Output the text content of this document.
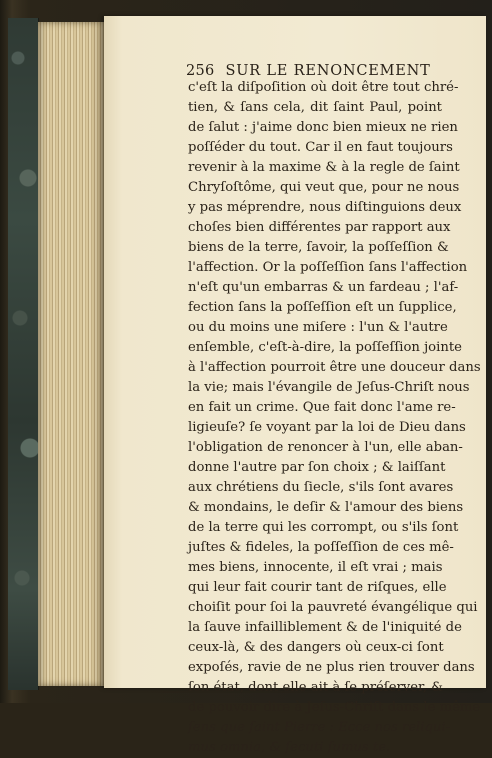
256 SUR LE RENONCEMENT
c'eſt la diſpoſition où doit être tout chré-
tien, & ſans cela, dit ſaint Paul, point
de ſalut : j'aime donc bien mieux ne rien
poſſéder du tout. Car il en faut toujours
revenir à la maxime & à la regle de ſaint
Chryſoſtôme, qui veut que, pour ne nous
y pas méprendre, nous diſtinguions deux
choſes bien différentes par rapport aux
biens de la terre, ſavoir, la poſſeſſion &
l'affection. Or la poſſeſſion ſans l'affection
n'eſt qu'un embarras & un fardeau ; l'af-
fection ſans la poſſeſſion eſt un ſupplice,
ou du moins une miſere : l'un & l'autre
enſemble, c'eſt-à-dire, la poſſeſſion jointe
à l'affection pourroit être une douceur dans
la vie; mais l'évangile de Jeſus-Chriſt nous
en fait un crime. Que fait donc l'ame re-
ligieuſe? ſe voyant par la loi de Dieu dans
l'obligation de renoncer à l'un, elle aban-
donne l'autre par ſon choix ; & laiſſant
aux chrétiens du ſiecle, s'ils ſont avares
& mondains, le deſir & l'amour des biens
de la terre qui les corrompt, ou s'ils ſont
juſtes & fideles, la poſſeſſion de ces mê-
mes biens, innocente, il eſt vrai ; mais
qui leur fait courir tant de riſques, elle
choiſit pour ſoi la pauvreté évangélique qui
la ſauve infailliblement & de l'iniquité de
ceux-là, & des dangers où ceux-ci ſont
expoſés, ravie de ne plus rien trouver dans
ſon état, dont elle ait à ſe préſerver, &
de pouvoir dire à Jeſus-Chriſt dans le même
ſens que ſaint Pierre : Ecce nos reliqui-
mus omnia, & ſecuti ſumus te.
